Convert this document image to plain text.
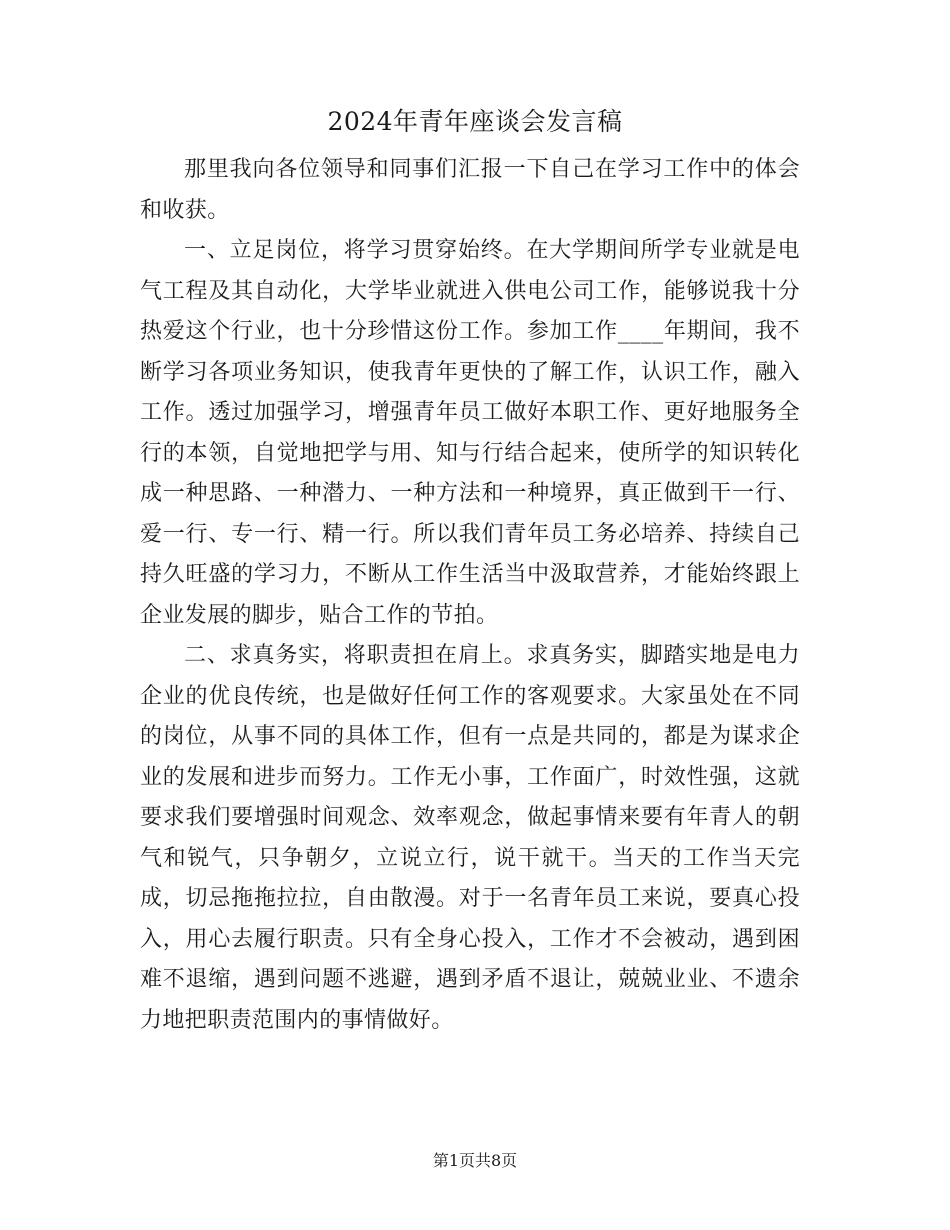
2024年青年座谈会发言稿

那里我向各位领导和同事们汇报一下自己在学习工作中的体会和收获。

一、立足岗位，将学习贯穿始终。在大学期间所学专业就是电气工程及其自动化，大学毕业就进入供电公司工作，能够说我十分热爱这个行业，也十分珍惜这份工作。参加工作____年期间，我不断学习各项业务知识，使我青年更快的了解工作，认识工作，融入工作。透过加强学习，增强青年员工做好本职工作、更好地服务全行的本领，自觉地把学与用、知与行结合起来，使所学的知识转化成一种思路、一种潜力、一种方法和一种境界，真正做到干一行、爱一行、专一行、精一行。所以我们青年员工务必培养、持续自己持久旺盛的学习力，不断从工作生活当中汲取营养，才能始终跟上企业发展的脚步，贴合工作的节拍。

二、求真务实，将职责担在肩上。求真务实，脚踏实地是电力企业的优良传统，也是做好任何工作的客观要求。大家虽处在不同的岗位，从事不同的具体工作，但有一点是共同的，都是为谋求企业的发展和进步而努力。工作无小事，工作面广，时效性强，这就要求我们要增强时间观念、效率观念，做起事情来要有年青人的朝气和锐气，只争朝夕，立说立行，说干就干。当天的工作当天完成，切忌拖拖拉拉，自由散漫。对于一名青年员工来说，要真心投入，用心去履行职责。只有全身心投入，工作才不会被动，遇到困难不退缩，遇到问题不逃避，遇到矛盾不退让，兢兢业业、不遗余力地把职责范围内的事情做好。

第1页共8页
